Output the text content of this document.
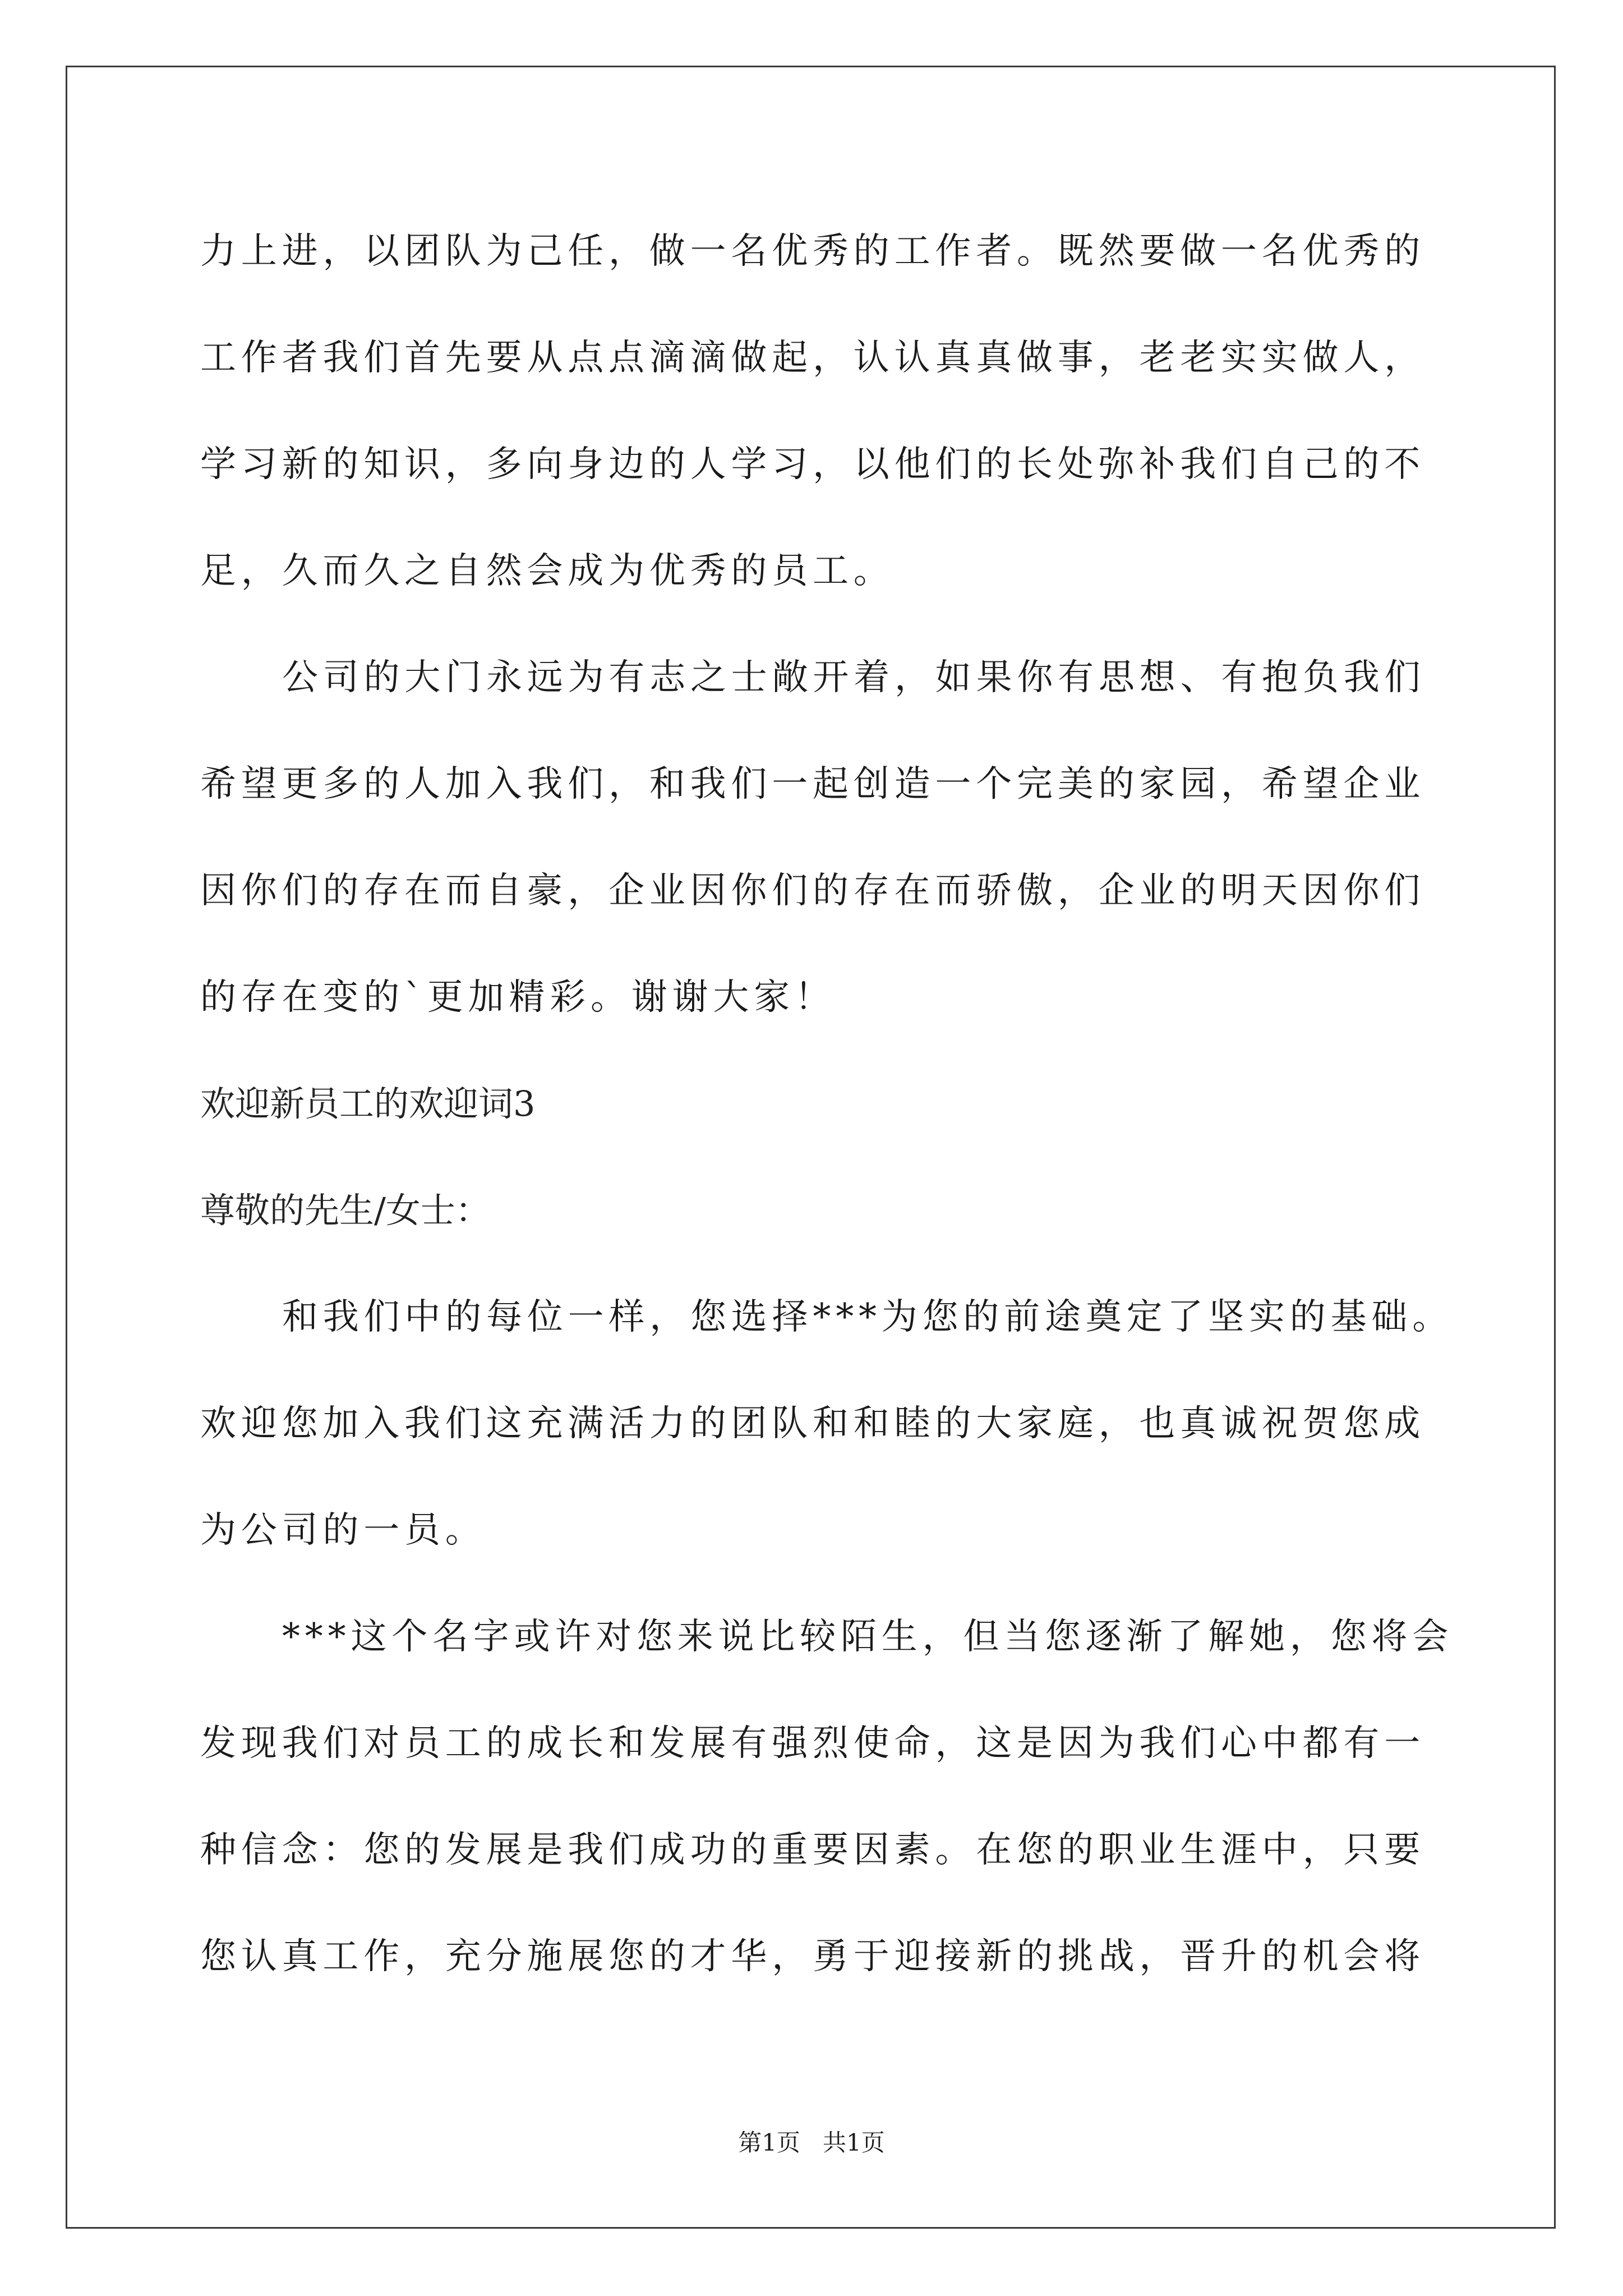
力上进，以团队为己任，做一名优秀的工作者。既然要做一名优秀的
工作者我们首先要从点点滴滴做起，认认真真做事，老老实实做人，
学习新的知识，多向身边的人学习，以他们的长处弥补我们自己的不
足，久而久之自然会成为优秀的员工。
公司的大门永远为有志之士敞开着，如果你有思想、有抱负我们
希望更多的人加入我们，和我们一起创造一个完美的家园，希望企业
因你们的存在而自豪，企业因你们的存在而骄傲，企业的明天因你们
的存在变的`更加精彩。谢谢大家！
欢迎新员工的欢迎词3
尊敬的先生/女士：
和我们中的每位一样，您选择***为您的前途奠定了坚实的基础。
欢迎您加入我们这充满活力的团队和和睦的大家庭，也真诚祝贺您成
为公司的一员。
***这个名字或许对您来说比较陌生，但当您逐渐了解她，您将会
发现我们对员工的成长和发展有强烈使命，这是因为我们心中都有一
种信念：您的发展是我们成功的重要因素。在您的职业生涯中，只要
您认真工作，充分施展您的才华，勇于迎接新的挑战，晋升的机会将
第1页   共1页
